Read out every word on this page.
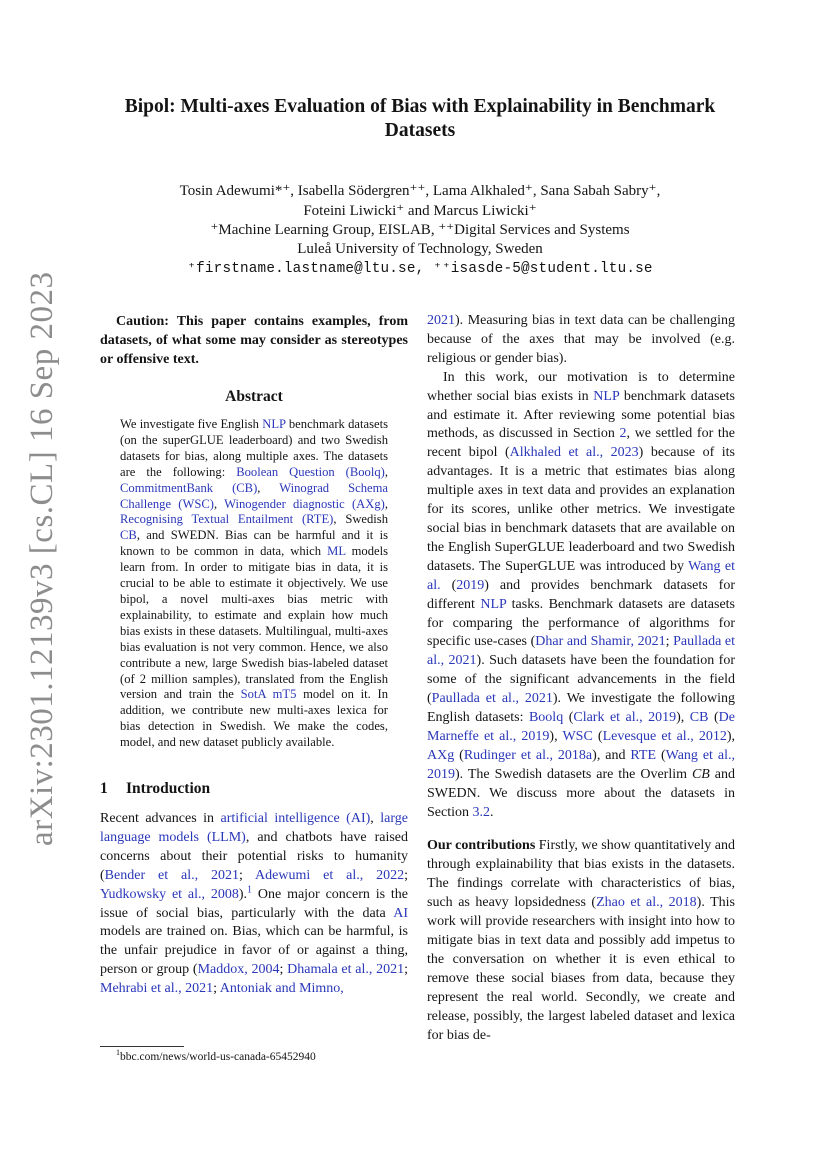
arXiv:2301.12139v3 [cs.CL] 16 Sep 2023
Bipol: Multi-axes Evaluation of Bias with Explainability in Benchmark Datasets
Tosin Adewumi*⁺, Isabella Södergren⁺⁺, Lama Alkhaled⁺, Sana Sabah Sabry⁺,
Foteini Liwicki⁺ and Marcus Liwicki⁺
⁺Machine Learning Group, EISLAB, ⁺⁺Digital Services and Systems
Luleå University of Technology, Sweden
⁺firstname.lastname@ltu.se, ⁺⁺isasde-5@student.ltu.se

Caution: This paper contains examples, from datasets, of what some may consider as stereotypes or offensive text.

Abstract

We investigate five English NLP benchmark datasets (on the superGLUE leaderboard) and two Swedish datasets for bias, along multiple axes. The datasets are the following: Boolean Question (Boolq), CommitmentBank (CB), Winograd Schema Challenge (WSC), Winogender diagnostic (AXg), Recognising Textual Entailment (RTE), Swedish CB, and SWEDN. Bias can be harmful and it is known to be common in data, which ML models learn from. In order to mitigate bias in data, it is crucial to be able to estimate it objectively. We use bipol, a novel multi-axes bias metric with explainability, to estimate and explain how much bias exists in these datasets. Multilingual, multi-axes bias evaluation is not very common. Hence, we also contribute a new, large Swedish bias-labeled dataset (of 2 million samples), translated from the English version and train the SotA mT5 model on it. In addition, we contribute new multi-axes lexica for bias detection in Swedish. We make the codes, model, and new dataset publicly available.

1 Introduction

Recent advances in artificial intelligence (AI), large language models (LLM), and chatbots have raised concerns about their potential risks to humanity (Bender et al., 2021; Adewumi et al., 2022; Yudkowsky et al., 2008).$^1$ One major concern is the issue of social bias, particularly with the data AI models are trained on. Bias, which can be harmful, is the unfair prejudice in favor of or against a thing, person or group (Maddox, 2004; Dhamala et al., 2021; Mehrabi et al., 2021; Antoniak and Mimno,

$^1$bbc.com/news/world-us-canada-65452940

2021). Measuring bias in text data can be challenging because of the axes that may be involved (e.g. religious or gender bias).

In this work, our motivation is to determine whether social bias exists in NLP benchmark datasets and estimate it. After reviewing some potential bias methods, as discussed in Section 2, we settled for the recent bipol (Alkhaled et al., 2023) because of its advantages. It is a metric that estimates bias along multiple axes in text data and provides an explanation for its scores, unlike other metrics. We investigate social bias in benchmark datasets that are available on the English SuperGLUE leaderboard and two Swedish datasets. The SuperGLUE was introduced by Wang et al. (2019) and provides benchmark datasets for different NLP tasks. Benchmark datasets are datasets for comparing the performance of algorithms for specific use-cases (Dhar and Shamir, 2021; Paullada et al., 2021). Such datasets have been the foundation for some of the significant advancements in the field (Paullada et al., 2021). We investigate the following English datasets: Boolq (Clark et al., 2019), CB (De Marneffe et al., 2019), WSC (Levesque et al., 2012), AXg (Rudinger et al., 2018a), and RTE (Wang et al., 2019). The Swedish datasets are the Overlim CB and SWEDN. We discuss more about the datasets in Section 3.2.

Our contributions Firstly, we show quantitatively and through explainability that bias exists in the datasets. The findings correlate with characteristics of bias, such as heavy lopsidedness (Zhao et al., 2018). This work will provide researchers with insight into how to mitigate bias in text data and possibly add impetus to the conversation on whether it is even ethical to remove these social biases from data, because they represent the real world. Secondly, we create and release, possibly, the largest labeled dataset and lexica for bias de-
